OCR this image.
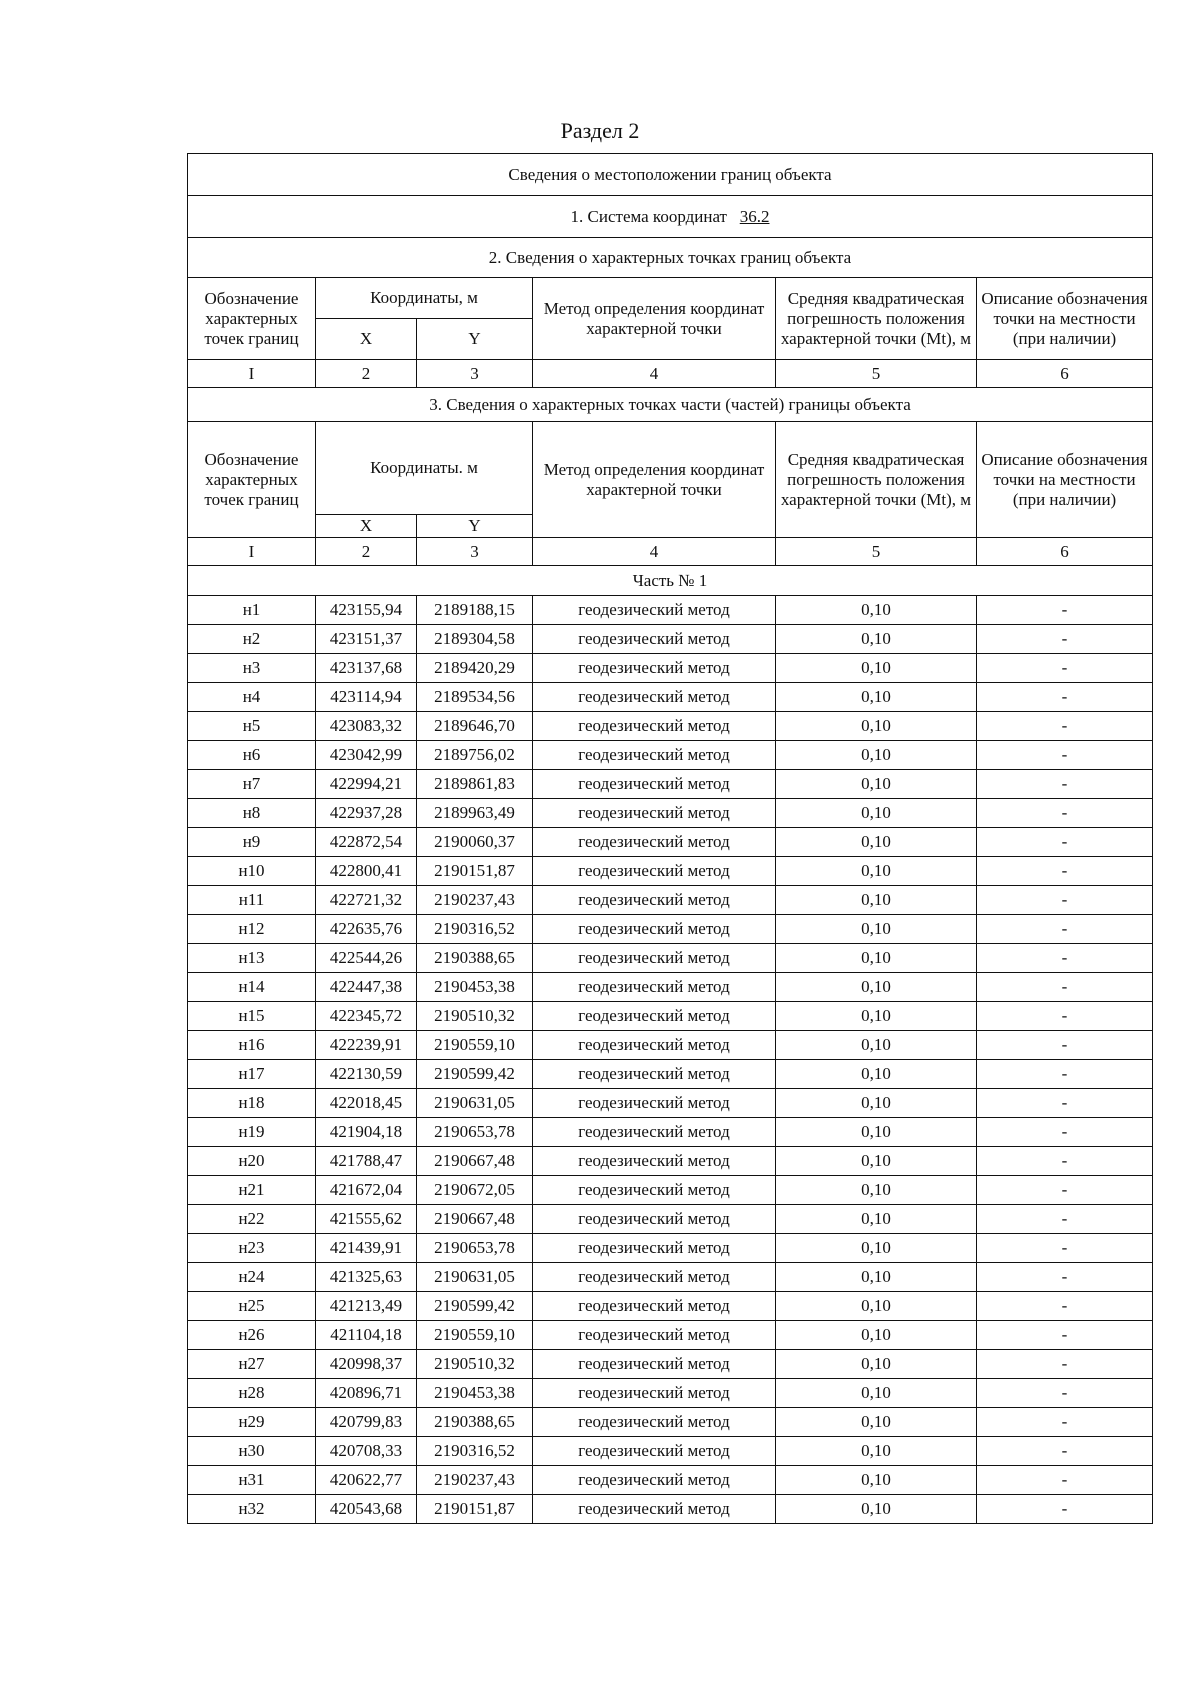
Раздел 2
Сведения о местоположении границ объекта					
1. Система координат 36.2					
2. Сведения о характерных точках границ объекта					
Обозначение характерных точек границ	Координаты, м		Метод определения координат характерной точки	Средняя квадратическая погрешность положения характерной точки (Mt), м	Описание обозначения точки на местности (при наличии)
	X	Y			
I	2	3	4	5	6
3. Сведения о характерных точках части (частей) границы объекта					
Обозначение характерных точек границ	Координаты. м		Метод определения координат характерной точки	Средняя квадратическая погрешность положения характерной точки (Mt), м	Описание обозначения точки на местности (при наличии)
	X	Y			
I	2	3	4	5	6
Часть № 1					
н1	423155,94	2189188,15	геодезический метод	0,10	-
н2	423151,37	2189304,58	геодезический метод	0,10	-
н3	423137,68	2189420,29	геодезический метод	0,10	-
н4	423114,94	2189534,56	геодезический метод	0,10	-
н5	423083,32	2189646,70	геодезический метод	0,10	-
н6	423042,99	2189756,02	геодезический метод	0,10	-
н7	422994,21	2189861,83	геодезический метод	0,10	-
н8	422937,28	2189963,49	геодезический метод	0,10	-
н9	422872,54	2190060,37	геодезический метод	0,10	-
н10	422800,41	2190151,87	геодезический метод	0,10	-
н11	422721,32	2190237,43	геодезический метод	0,10	-
н12	422635,76	2190316,52	геодезический метод	0,10	-
н13	422544,26	2190388,65	геодезический метод	0,10	-
н14	422447,38	2190453,38	геодезический метод	0,10	-
н15	422345,72	2190510,32	геодезический метод	0,10	-
н16	422239,91	2190559,10	геодезический метод	0,10	-
н17	422130,59	2190599,42	геодезический метод	0,10	-
н18	422018,45	2190631,05	геодезический метод	0,10	-
н19	421904,18	2190653,78	геодезический метод	0,10	-
н20	421788,47	2190667,48	геодезический метод	0,10	-
н21	421672,04	2190672,05	геодезический метод	0,10	-
н22	421555,62	2190667,48	геодезический метод	0,10	-
н23	421439,91	2190653,78	геодезический метод	0,10	-
н24	421325,63	2190631,05	геодезический метод	0,10	-
н25	421213,49	2190599,42	геодезический метод	0,10	-
н26	421104,18	2190559,10	геодезический метод	0,10	-
н27	420998,37	2190510,32	геодезический метод	0,10	-
н28	420896,71	2190453,38	геодезический метод	0,10	-
н29	420799,83	2190388,65	геодезический метод	0,10	-
н30	420708,33	2190316,52	геодезический метод	0,10	-
н31	420622,77	2190237,43	геодезический метод	0,10	-
н32	420543,68	2190151,87	геодезический метод	0,10	-
